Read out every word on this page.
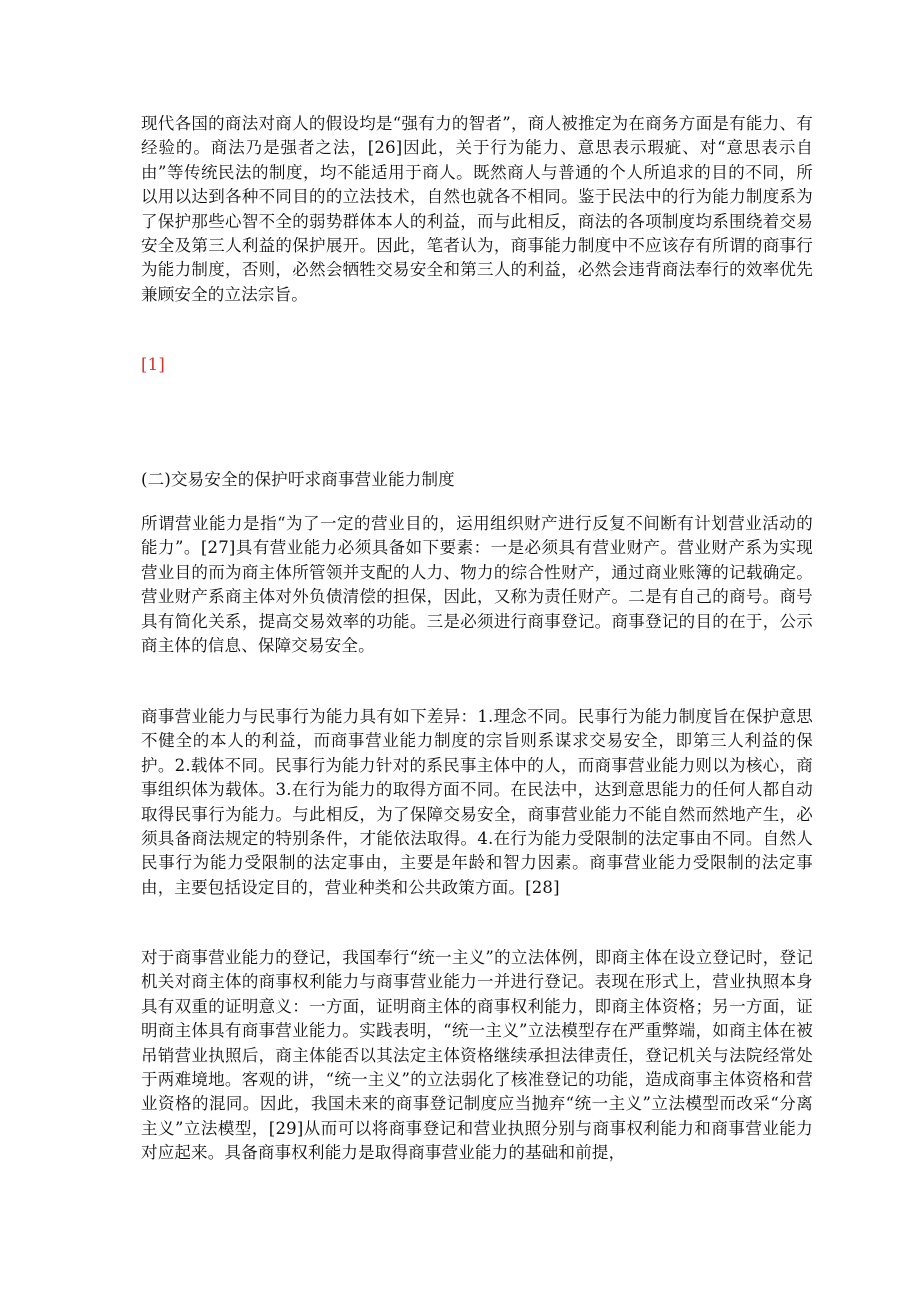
现代各国的商法对商人的假设均是“强有力的智者”，商人被推定为在商务方面是有能力、有经验的。商法乃是强者之法，[26]因此，关于行为能力、意思表示瑕疵、对“意思表示自由”等传统民法的制度，均不能适用于商人。既然商人与普通的个人所追求的目的不同，所以用以达到各种不同目的的立法技术，自然也就各不相同。鉴于民法中的行为能力制度系为了保护那些心智不全的弱势群体本人的利益，而与此相反，商法的各项制度均系围绕着交易安全及第三人利益的保护展开。因此，笔者认为，商事能力制度中不应该存有所谓的商事行为能力制度，否则，必然会牺牲交易安全和第三人的利益，必然会违背商法奉行的效率优先兼顾安全的立法宗旨。

[1]

(二)交易安全的保护吁求商事营业能力制度

所谓营业能力是指“为了一定的营业目的，运用组织财产进行反复不间断有计划营业活动的能力”。[27]具有营业能力必须具备如下要素：一是必须具有营业财产。营业财产系为实现营业目的而为商主体所管领并支配的人力、物力的综合性财产，通过商业账簿的记载确定。营业财产系商主体对外负债清偿的担保，因此，又称为责任财产。二是有自己的商号。商号具有简化关系，提高交易效率的功能。三是必须进行商事登记。商事登记的目的在于，公示商主体的信息、保障交易安全。

商事营业能力与民事行为能力具有如下差异：1.理念不同。民事行为能力制度旨在保护意思不健全的本人的利益，而商事营业能力制度的宗旨则系谋求交易安全，即第三人利益的保护。2.载体不同。民事行为能力针对的系民事主体中的人，而商事营业能力则以为核心，商事组织体为载体。3.在行为能力的取得方面不同。在民法中，达到意思能力的任何人都自动取得民事行为能力。与此相反，为了保障交易安全，商事营业能力不能自然而然地产生，必须具备商法规定的特别条件，才能依法取得。4.在行为能力受限制的法定事由不同。自然人民事行为能力受限制的法定事由，主要是年龄和智力因素。商事营业能力受限制的法定事由，主要包括设定目的，营业种类和公共政策方面。[28]

对于商事营业能力的登记，我国奉行“统一主义”的立法体例，即商主体在设立登记时，登记机关对商主体的商事权利能力与商事营业能力一并进行登记。表现在形式上，营业执照本身具有双重的证明意义：一方面，证明商主体的商事权利能力，即商主体资格；另一方面，证明商主体具有商事营业能力。实践表明，“统一主义”立法模型存在严重弊端，如商主体在被吊销营业执照后，商主体能否以其法定主体资格继续承担法律责任，登记机关与法院经常处于两难境地。客观的讲，“统一主义”的立法弱化了核准登记的功能，造成商事主体资格和营业资格的混同。因此，我国未来的商事登记制度应当抛弃“统一主义”立法模型而改采“分离主义”立法模型，[29]从而可以将商事登记和营业执照分别与商事权利能力和商事营业能力对应起来。具备商事权利能力是取得商事营业能力的基础和前提，
